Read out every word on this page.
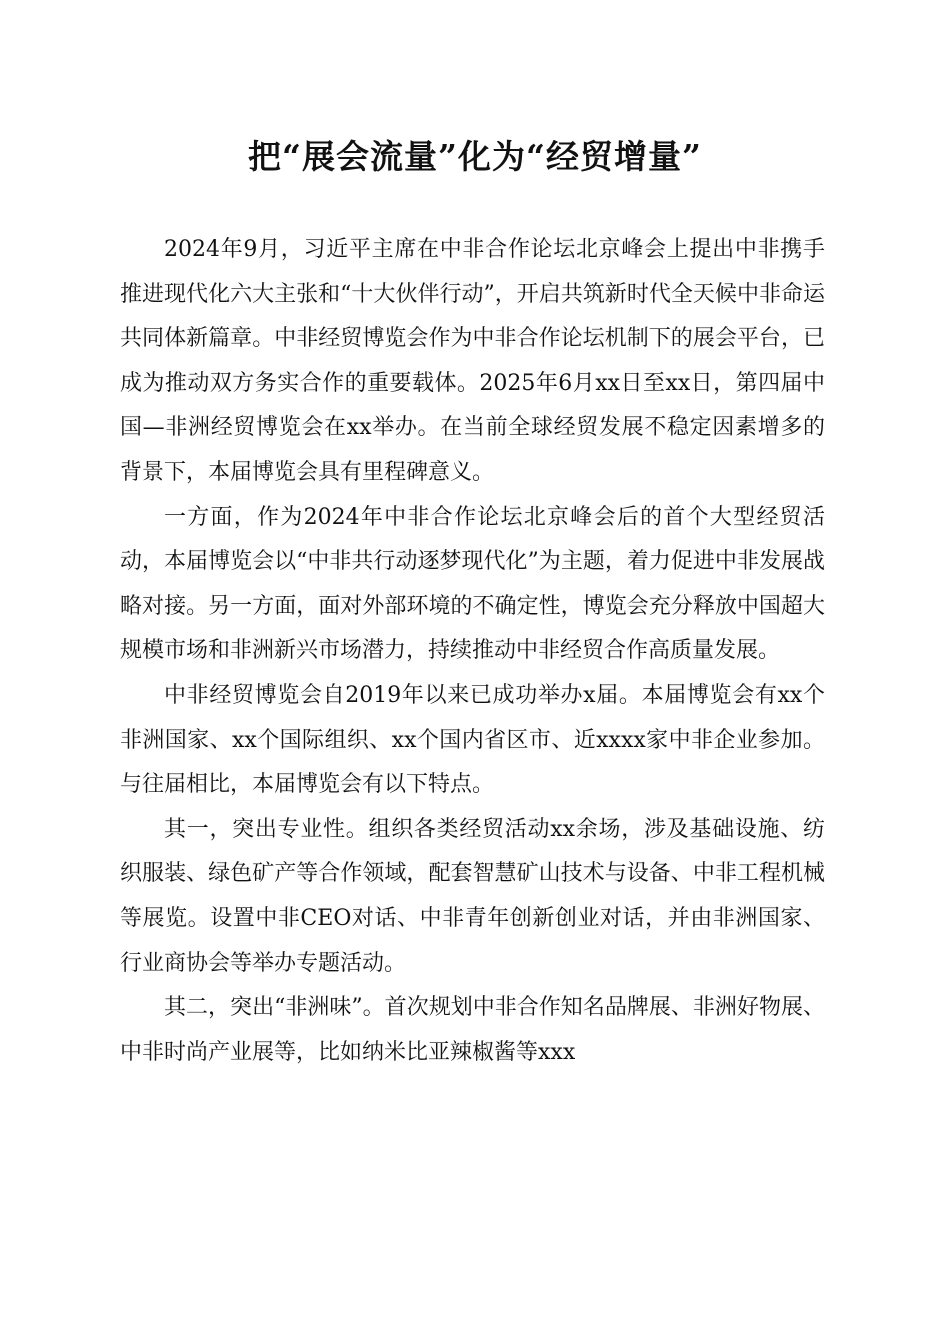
把“展会流量”化为“经贸增量”

2024年9月，习近平主席在中非合作论坛北京峰会上提出中非携手推进现代化六大主张和“十大伙伴行动”，开启共筑新时代全天候中非命运共同体新篇章。中非经贸博览会作为中非合作论坛机制下的展会平台，已成为推动双方务实合作的重要载体。2025年6月xx日至xx日，第四届中国—非洲经贸博览会在xx举办。在当前全球经贸发展不稳定因素增多的背景下，本届博览会具有里程碑意义。

一方面，作为2024年中非合作论坛北京峰会后的首个大型经贸活动，本届博览会以“中非共行动逐梦现代化”为主题，着力促进中非发展战略对接。另一方面，面对外部环境的不确定性，博览会充分释放中国超大规模市场和非洲新兴市场潜力，持续推动中非经贸合作高质量发展。

中非经贸博览会自2019年以来已成功举办x届。本届博览会有xx个非洲国家、xx个国际组织、xx个国内省区市、近xxxx家中非企业参加。与往届相比，本届博览会有以下特点。

其一，突出专业性。组织各类经贸活动xx余场，涉及基础设施、纺织服装、绿色矿产等合作领域，配套智慧矿山技术与设备、中非工程机械等展览。设置中非CEO对话、中非青年创新创业对话，并由非洲国家、行业商协会等举办专题活动。

其二，突出“非洲味”。首次规划中非合作知名品牌展、非洲好物展、中非时尚产业展等，比如纳米比亚辣椒酱等xxx
